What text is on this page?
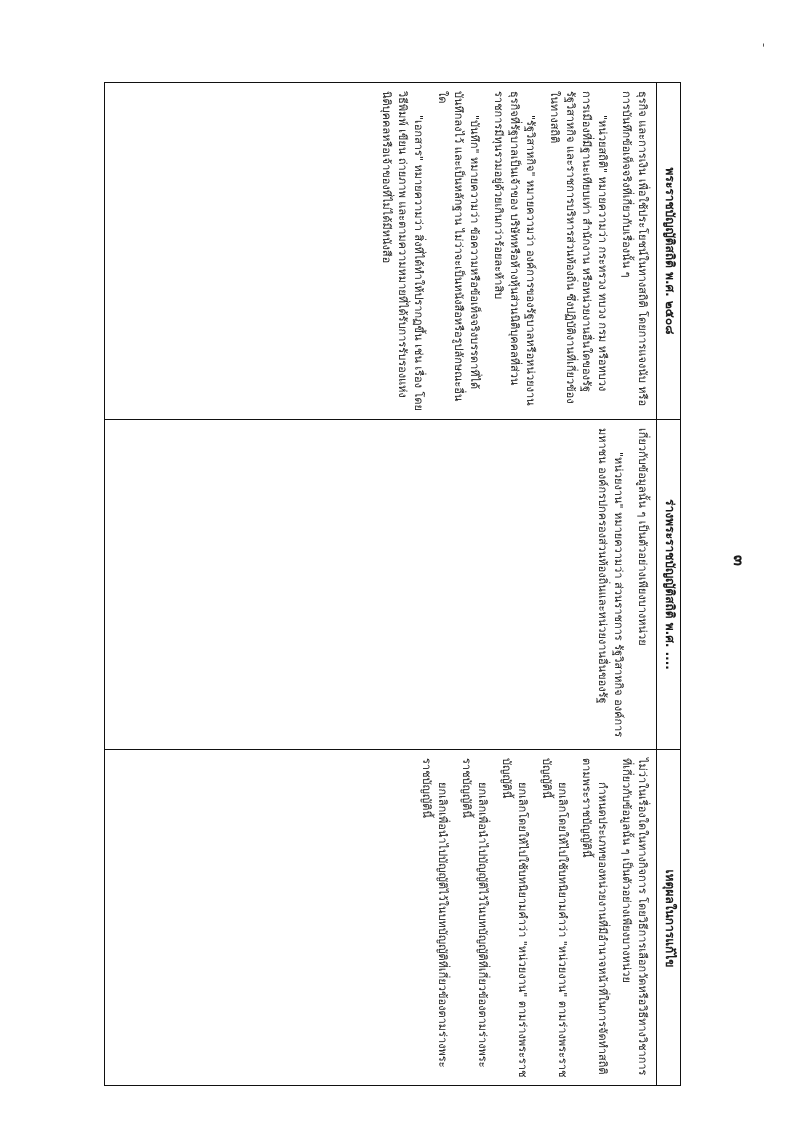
-
๓
พระราชบัญญัติสถิติ พ.ศ. ๒๕๐๘
ร่างพระราชบัญญัติสถิติ พ.ศ. ....
เหตุผลในการแก้ไข

ธุรกิจ และการเงิน เพื่อใช้ประโยชน์ในทางสถิติ โดยการแจงนับ หรือการบันทึกข้อเท็จจริงที่เกี่ยวกับเรื่องนั้น ๆ

"หน่วยสถิติ" หมายความว่า กระทรวง ทบวง กรม หรือทบวงการเมืองที่มีฐานะเทียบเท่า สำนักงาน หรือหน่วยงานอื่นใดของรัฐ รัฐวิสาหกิจ และราชการบริหารส่วนท้องถิ่น ซึ่งปฏิบัติงานที่เกี่ยวข้องในทางสถิติ

"รัฐวิสาหกิจ" หมายความว่า องค์การของรัฐบาลหรือหน่วยงานธุรกิจที่รัฐบาลเป็นเจ้าของ บริษัทหรือห้างหุ้นส่วนนิติบุคคลที่ส่วนราชการมีทุนรวมอยู่ด้วยเกินกว่าร้อยละห้าสิบ

"บันทึก" หมายความว่า ข้อความหรือข้อเท็จจริงบรรดาที่ได้บันทึกลงไว้ และเป็นหลักฐาน ไม่ว่าจะเป็นหนังสือหรือรูปลักษณะอื่นใด

"เอกสาร" หมายความว่า สิ่งที่ได้ทำให้ปรากฏขึ้น เช่น เรื่อง โดยวิธีพิมพ์ เขียน ถ่ายภาพ และตามความหมายที่ได้รับการรับรองแห่งนิติบุคคลหรือเจ้าของที่ไม่ได้มีหนังสือ

เกี่ยวกับข้อมูลนั้น ๆ เป็นตัวอย่างเพียงบางหน่วย

"หน่วยงาน" หมายความว่า ส่วนราชการ รัฐวิสาหกิจ องค์การมหาชน องค์กรปกครองส่วนท้องถิ่นและหน่วยงานอื่นของรัฐ

ไม่ว่าในเรื่องใดในทางกิจการ โดยวิธีการเลือกวัดหรือวิธีทางวิชาการที่เกี่ยวกับข้อมูลนั้น ๆ เป็นตัวอย่างเพียงบางหน่วย

กำหนดประเภทของหน่วยงานที่มีอำนาจหน้าที่ในการจัดทำสถิติตามพระราชบัญญัตินี้

ยกเลิกโดยให้ไปใช้บทนิยามคำว่า "หน่วยงาน" ตามร่างพระราชบัญญัตินี้

ยกเลิกโดยให้ไปใช้บทนิยามคำว่า "หน่วยงาน" ตามร่างพระราชบัญญัตินี้

ยกเลิกเพื่อนำไปบัญญัติไว้ในบทบัญญัติที่เกี่ยวข้องตามร่างพระราชบัญญัตินี้

ยกเลิกเพื่อนำไปบัญญัติไว้ในบทบัญญัติที่เกี่ยวข้องตามร่างพระราชบัญญัตินี้
